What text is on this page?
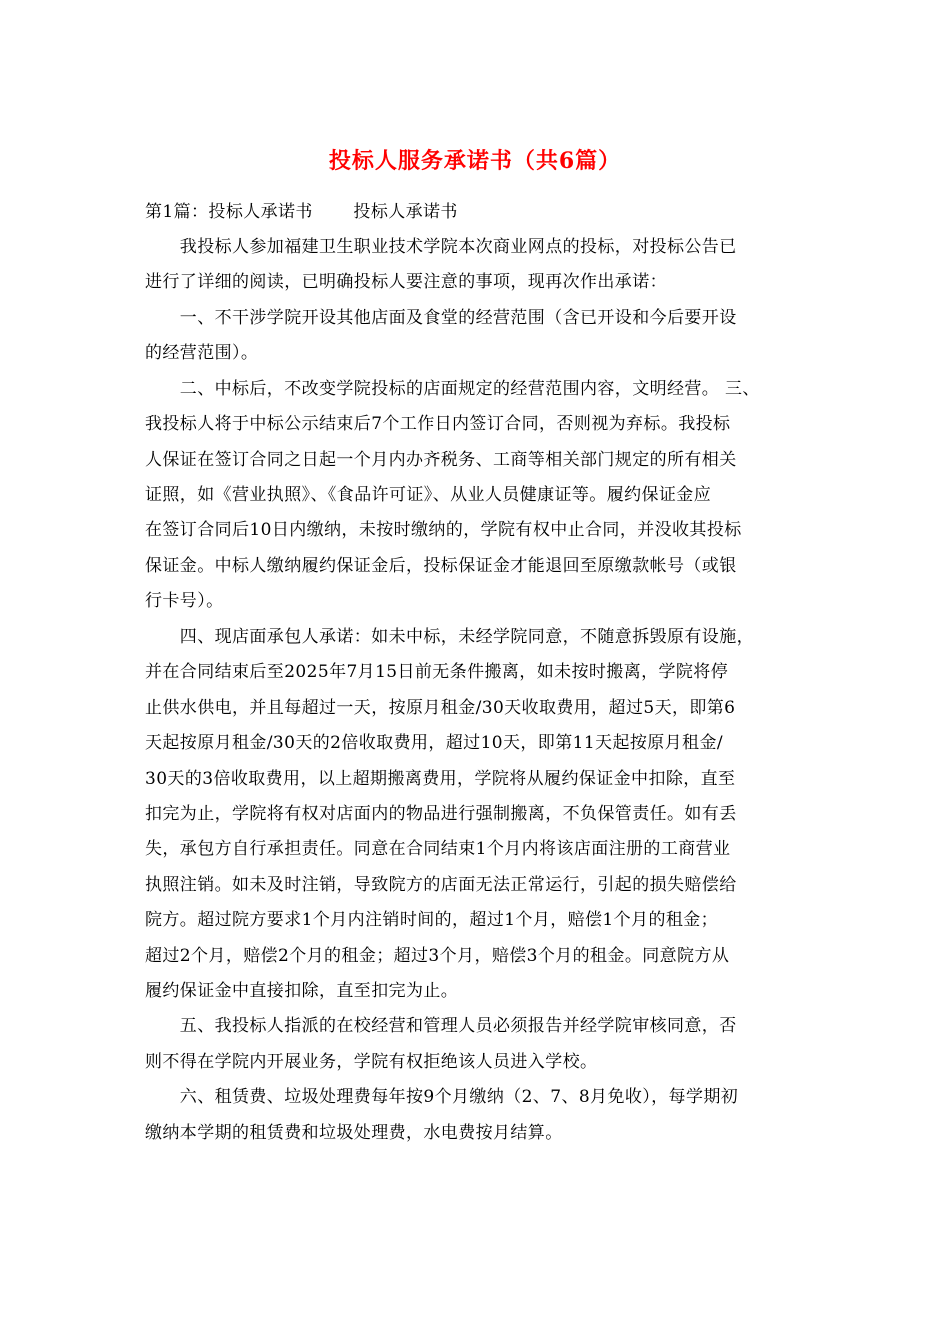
投标人服务承诺书（共6篇）
第1篇：投标人承诺书　　 投标人承诺书
　　我投标人参加福建卫生职业技术学院本次商业网点的投标，对投标公告已
进行了详细的阅读，已明确投标人要注意的事项，现再次作出承诺：
　　一、不干涉学院开设其他店面及食堂的经营范围（含已开设和今后要开设
的经营范围）。
　　二、中标后，不改变学院投标的店面规定的经营范围内容，文明经营。 三、
我投标人将于中标公示结束后7个工作日内签订合同，否则视为弃标。我投标
人保证在签订合同之日起一个月内办齐税务、工商等相关部门规定的所有相关
证照，如《营业执照》、《食品许可证》、从业人员健康证等。履约保证金应
在签订合同后10日内缴纳，未按时缴纳的，学院有权中止合同，并没收其投标
保证金。中标人缴纳履约保证金后，投标保证金才能退回至原缴款帐号（或银
行卡号）。
　　四、现店面承包人承诺：如未中标，未经学院同意，不随意拆毁原有设施，
并在合同结束后至2025年7月15日前无条件搬离，如未按时搬离，学院将停
止供水供电，并且每超过一天，按原月租金/30天收取费用，超过5天，即第6
天起按原月租金/30天的2倍收取费用，超过10天，即第11天起按原月租金/
30天的3倍收取费用，以上超期搬离费用，学院将从履约保证金中扣除，直至
扣完为止，学院将有权对店面内的物品进行强制搬离，不负保管责任。如有丢
失，承包方自行承担责任。同意在合同结束1个月内将该店面注册的工商营业
执照注销。如未及时注销，导致院方的店面无法正常运行，引起的损失赔偿给
院方。超过院方要求1个月内注销时间的，超过1个月，赔偿1个月的租金；
超过2个月，赔偿2个月的租金；超过3个月，赔偿3个月的租金。同意院方从
履约保证金中直接扣除，直至扣完为止。
　　五、我投标人指派的在校经营和管理人员必须报告并经学院审核同意，否
则不得在学院内开展业务，学院有权拒绝该人员进入学校。
　　六、租赁费、垃圾处理费每年按9个月缴纳（2、7、8月免收），每学期初
缴纳本学期的租赁费和垃圾处理费，水电费按月结算。
